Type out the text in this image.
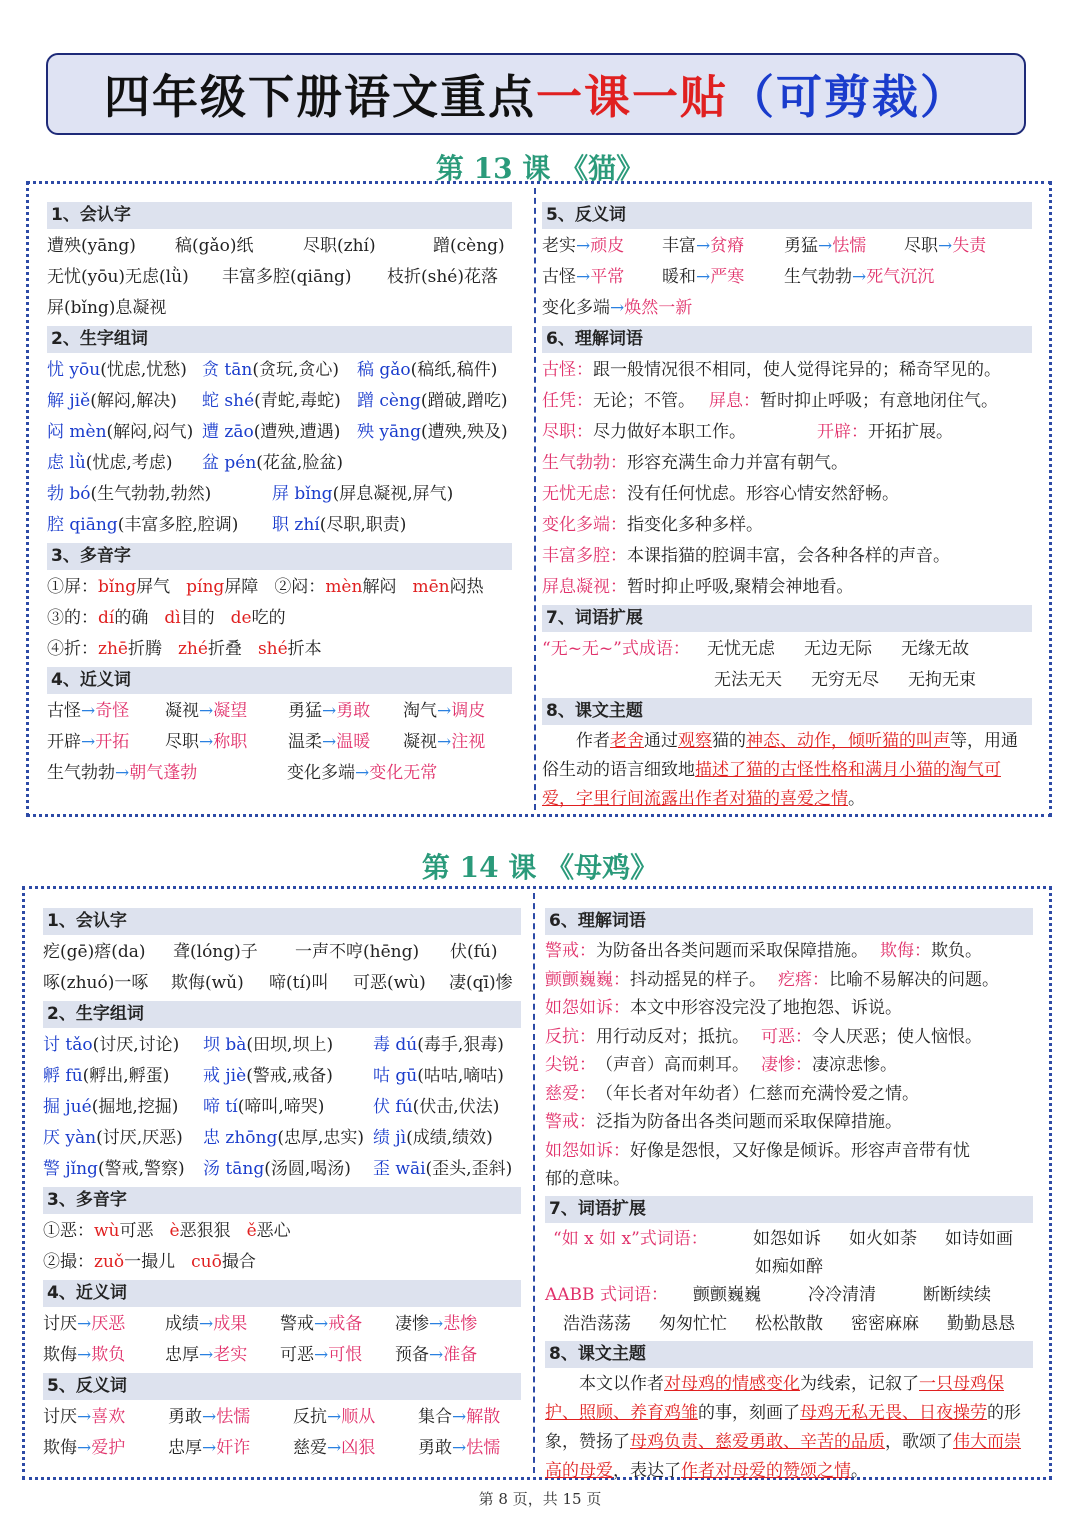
四年级下册语文重点 一课一贴 （可剪裁）
第 13 课 《猫》
1、会认字
遭殃(yāng) 稿(gǎo)纸	尽职(zhí)	蹭(cèng)
无忧(yōu)无虑(lǜ) 丰富多腔(qiāng) 枝折(shé)花落
屏(bǐng)息凝视
2、生字组词
忧 yōu(忧虑,忧愁) 贪 tān(贪玩,贪心) 稿 gǎo(稿纸,稿件)
解 jiě(解闷,解决) 蛇 shé(青蛇,毒蛇) 蹭 cèng(蹭破,蹭吃)
闷 mèn(解闷,闷气) 遭 zāo(遭殃,遭遇) 殃 yāng(遭殃,殃及)
虑 lǜ(忧虑,考虑) 盆 pén(花盆,脸盆)
勃 bó(生气勃勃,勃然)	屏 bǐng(屏息凝视,屏气)
腔 qiāng(丰富多腔,腔调) 职 zhí(尽职,职责)
3、多音字
①屏：bǐng屏气 píng屏障 ②闷：mèn解闷 mēn闷热
③的：dí的确 dì目的 de吃的
④折：zhē折腾 zhé折叠 shé折本
4、近义词
古怪→奇怪 凝视→凝望 勇猛→勇敢 淘气→调皮
开辟→开拓 尽职→称职 温柔→温暖 凝视→注视
生气勃勃→朝气蓬勃	变化多端→变化无常
5、反义词
老实→顽皮 丰富→贫瘠 勇猛→怯懦 尽职→失责
古怪→平常 暖和→严寒 生气勃勃→死气沉沉
变化多端→焕然一新
6、理解词语
古怪：跟一般情况很不相同，使人觉得诧异的；稀奇罕见的。
任凭：无论；不管。 屏息：暂时抑止呼吸；有意地闭住气。
尽职：尽力做好本职工作。	开辟：开拓扩展。
生气勃勃：形容充满生命力并富有朝气。
无忧无虑：没有任何忧虑。形容心情安然舒畅。
变化多端：指变化多种多样。
丰富多腔：本课指猫的腔调丰富，会各种各样的声音。
屏息凝视：暂时抑止呼吸,聚精会神地看。
7、词语扩展
“无~无~”式成语： 无忧无虑 无边无际 无缘无故
无法无天 无穷无尽 无拘无束
8、课文主题
作者老舍通过观察猫的神态、动作，倾听猫的叫声等，用通俗生动的语言细致地描述了猫的古怪性格和满月小猫的淘气可爱，字里行间流露出作者对猫的喜爱之情。
第 14 课 《母鸡》
1、会认字
疙(gē)瘩(da) 聋(lóng)子 一声不哼(hēng) 伏(fú)
啄(zhuó)一啄 欺侮(wǔ) 啼(tí)叫 可恶(wù) 凄(qī)惨
2、生字组词
讨 tǎo(讨厌,讨论) 坝 bà(田坝,坝上) 毒 dú(毒手,狠毒)
孵 fū(孵出,孵蛋) 戒 jiè(警戒,戒备) 咕 gū(咕咕,嘀咕)
掘 jué(掘地,挖掘) 啼 tí(啼叫,啼哭)	伏 fú(伏击,伏法)
厌 yàn(讨厌,厌恶) 忠 zhōng(忠厚,忠实) 绩 jì(成绩,绩效)
警 jǐng(警戒,警察) 汤 tāng(汤圆,喝汤) 歪 wāi(歪头,歪斜)
3、多音字
①恶：wù可恶 è恶狠狠 ě恶心
②撮：zuǒ一撮儿 cuō撮合
4、近义词
讨厌→厌恶 成绩→成果 警戒→戒备 凄惨→悲惨
欺侮→欺负 忠厚→老实 可恶→可恨 预备→准备
5、反义词
讨厌→喜欢	勇敢→怯懦	反抗→顺从	集合→解散
欺侮→爱护	忠厚→奸诈	慈爱→凶狠	勇敢→怯懦
6、理解词语
警戒：为防备出各类问题而采取保障措施。 欺侮：欺负。
颤颤巍巍：抖动摇晃的样子。 疙瘩：比喻不易解决的问题。
如怨如诉：本文中形容没完没了地抱怨、诉说。
反抗：用行动反对；抵抗。 可恶：令人厌恶；使人恼恨。
尖锐：（声音）高而刺耳。 凄惨：凄凉悲惨。
慈爱：（年长者对年幼者）仁慈而充满怜爱之情。
警戒：泛指为防备出各类问题而采取保障措施。
如怨如诉：好像是怨恨，又好像是倾诉。形容声音带有忧
郁的意味。
7、词语扩展
“如 x 如 x”式词语：	如怨如诉 如火如荼 如诗如画
如痴如醉
AABB 式词语： 颤颤巍巍	冷冷清清	断断续续
浩浩荡荡 匆匆忙忙 松松散散 密密麻麻 勤勤恳恳
8、课文主题
本文以作者对母鸡的情感变化为线索，记叙了一只母鸡保护、照顾、养育鸡雏的事，刻画了母鸡无私无畏、日夜操劳的形象，赞扬了母鸡负责、慈爱勇敢、辛苦的品质，歌颂了伟大而崇高的母爱，表达了作者对母爱的赞颂之情。
第 8 页，共 15 页
